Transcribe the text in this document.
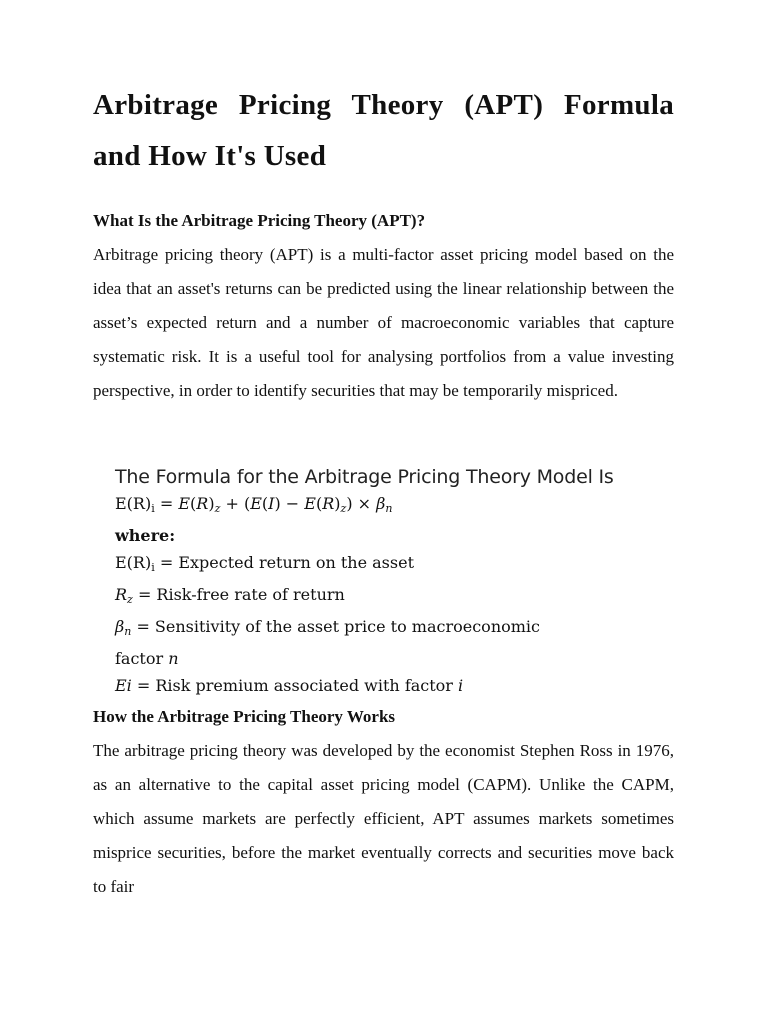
Arbitrage Pricing Theory (APT) Formula and How It's Used
What Is the Arbitrage Pricing Theory (APT)?

Arbitrage pricing theory (APT) is a multi-factor asset pricing model based on the idea that an asset's returns can be predicted using the linear relationship between the asset’s expected return and a number of macroeconomic variables that capture systematic risk. It is a useful tool for analysing portfolios from a value investing perspective, in order to identify securities that may be temporarily mispriced.

The Formula for the Arbitrage Pricing Theory Model Is

$E(R)_i = E(R)_z + (E(I) - E(R)_z) \times \beta_n$

where:

$E(R)_i$ = Expected return on the asset

$R_z$ = Risk-free rate of return

$\beta_n$ = Sensitivity of the asset price to macroeconomic

factor n

Ei = Risk premium associated with factor i

How the Arbitrage Pricing Theory Works

The arbitrage pricing theory was developed by the economist Stephen Ross in 1976, as an alternative to the capital asset pricing model (CAPM). Unlike the CAPM, which assume markets are perfectly efficient, APT assumes markets sometimes misprice securities, before the market eventually corrects and securities move back to fair
